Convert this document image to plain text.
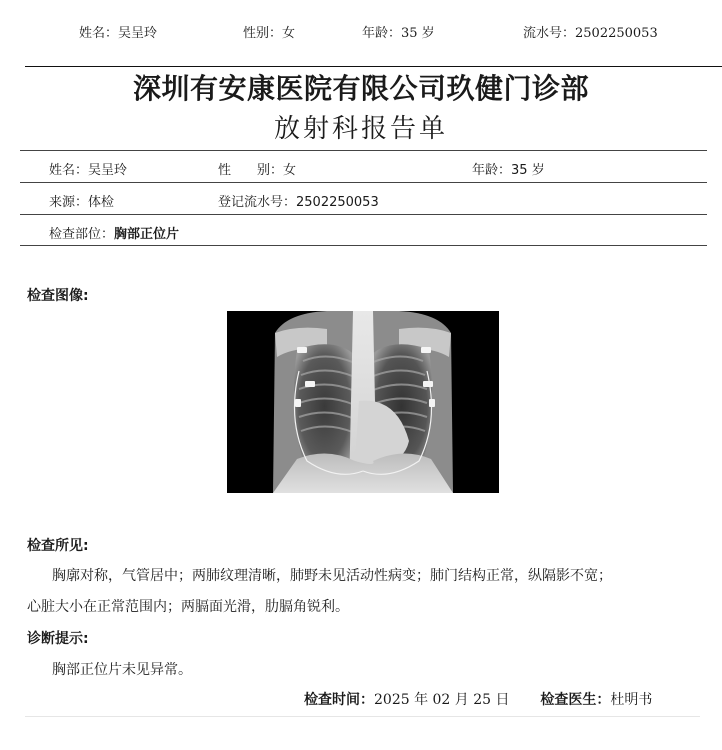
姓名：吴呈玲	性别：女	年龄：35 岁	流水号：2502250053
深圳有安康医院有限公司玖健门诊部
放射科报告单
姓名：吴呈玲	性　　别：女	年龄：35 岁
来源：体检	登记流水号：2502250053
检查部位：胸部正位片
检查图像:
检查所见:
胸廓对称，气管居中；两肺纹理清晰，肺野未见活动性病变；肺门结构正常，纵隔影不宽；
心脏大小在正常范围内；两膈面光滑，肋膈角锐利。
诊断提示:
胸部正位片未见异常。
检查时间：2025 年 02 月 25 日 检查医生：杜明书
